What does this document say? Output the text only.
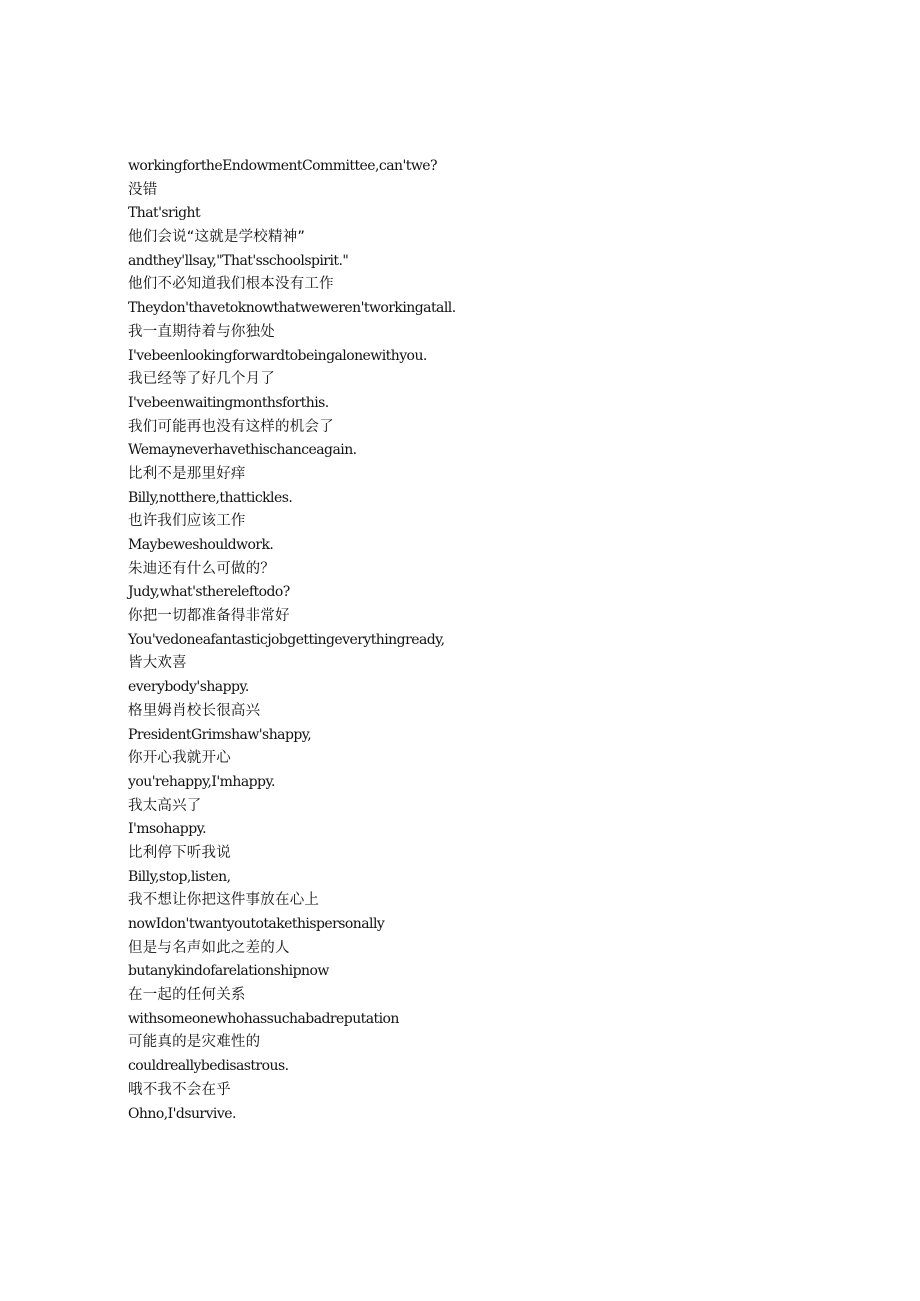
workingfortheEndowmentCommittee,can'twe?
没错
That'sright
他们会说“这就是学校精神”
andthey'llsay,"That'sschoolspirit."
他们不必知道我们根本没有工作
Theydon'thavetoknowthatweweren'tworkingatall.
我一直期待着与你独处
I'vebeenlookingforwardtobeingalonewithyou.
我已经等了好几个月了
I'vebeenwaitingmonthsforthis.
我们可能再也没有这样的机会了
Wemayneverhavethischanceagain.
比利不是那里好痒
Billy,notthere,thattickles.
也许我们应该工作
Maybeweshouldwork.
朱迪还有什么可做的？
Judy,what'sthereleftodo?
你把一切都准备得非常好
You'vedoneafantasticjobgettingeverythingready,
皆大欢喜
everybody'shappy.
格里姆肖校长很高兴
PresidentGrimshaw'shappy,
你开心我就开心
you'rehappy,I'mhappy.
我太高兴了
I'msohappy.
比利停下听我说
Billy,stop,listen,
我不想让你把这件事放在心上
nowIdon'twantyoutotakethispersonally
但是与名声如此之差的人
butanykindofarelationshipnow
在一起的任何关系
withsomeonewhohassuchabadreputation
可能真的是灾难性的
couldreallybedisastrous.
哦不我不会在乎
Ohno,I'dsurvive.
